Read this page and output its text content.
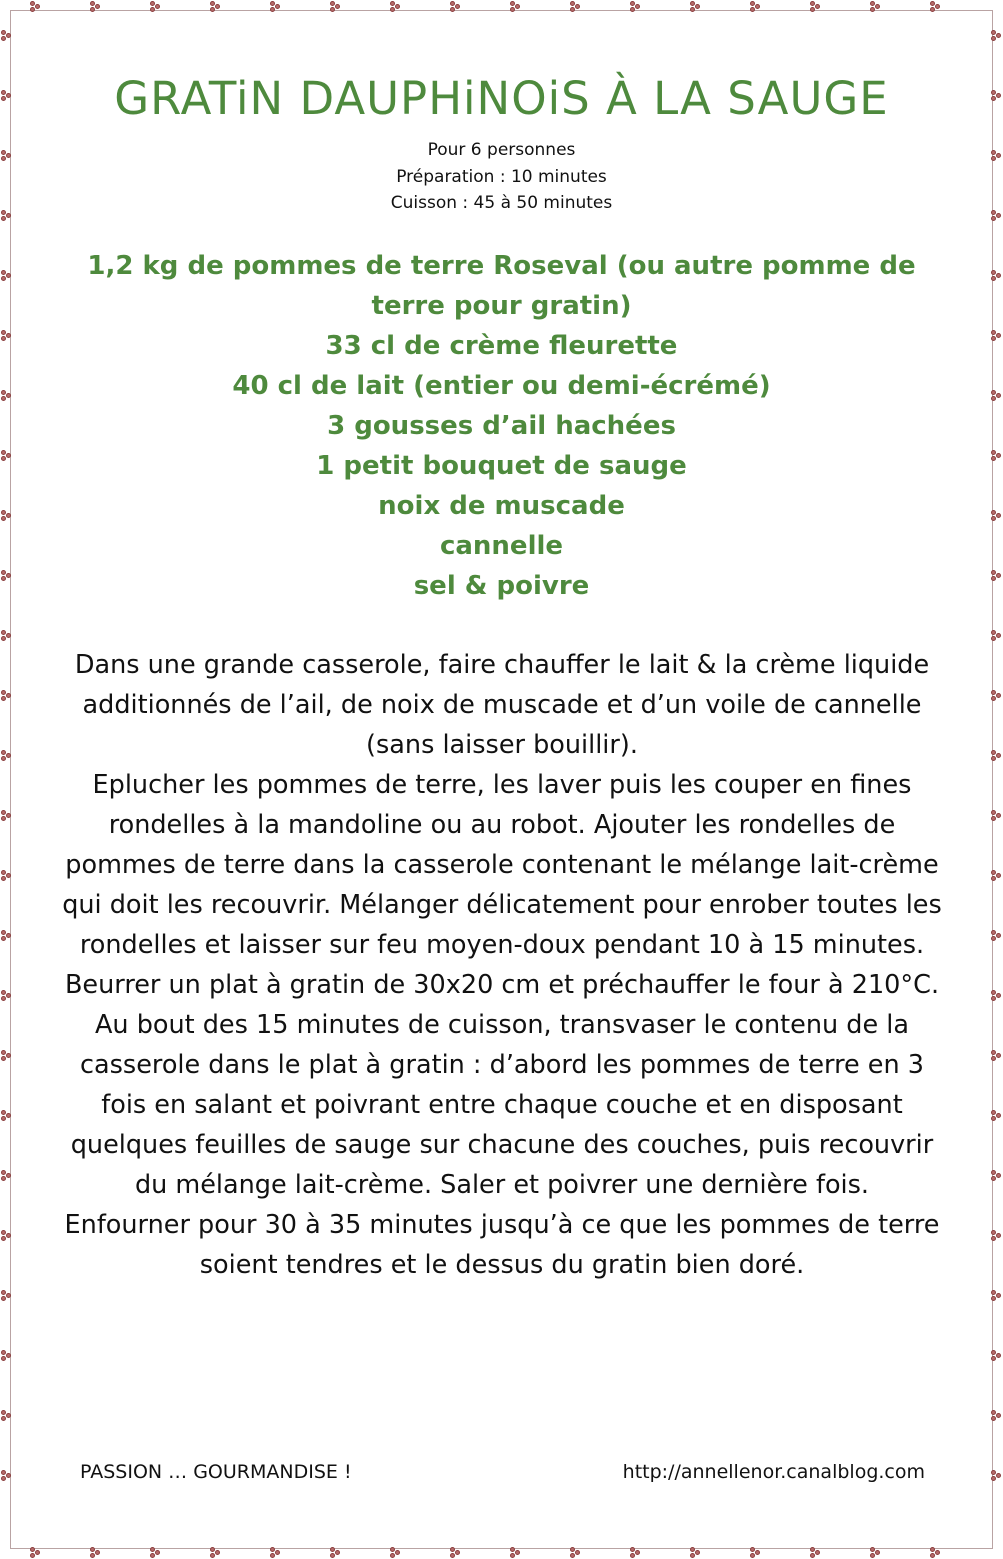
GRATiN DAUPHiNOiS À LA SAUGE
Pour 6 personnes
Préparation : 10 minutes
Cuisson : 45 à 50 minutes
1,2 kg de pommes de terre Roseval (ou autre pomme de terre pour gratin)
33 cl de crème fleurette
40 cl de lait (entier ou demi-écrémé)
3 gousses d’ail hachées
1 petit bouquet de sauge
noix de muscade
cannelle
sel & poivre

Dans une grande casserole, faire chauffer le lait & la crème liquide additionnés de l’ail, de noix de muscade et d’un voile de cannelle (sans laisser bouillir).

Eplucher les pommes de terre, les laver puis les couper en fines rondelles à la mandoline ou au robot. Ajouter les rondelles de pommes de terre dans la casserole contenant le mélange lait-crème qui doit les recouvrir. Mélanger délicatement pour enrober toutes les rondelles et laisser sur feu moyen-doux pendant 10 à 15 minutes.

Beurrer un plat à gratin de 30x20 cm et préchauffer le four à 210°C.

Au bout des 15 minutes de cuisson, transvaser le contenu de la casserole dans le plat à gratin : d’abord les pommes de terre en 3 fois en salant et poivrant entre chaque couche et en disposant quelques feuilles de sauge sur chacune des couches, puis recouvrir du mélange lait-crème. Saler et poivrer une dernière fois.

Enfourner pour 30 à 35 minutes jusqu’à ce que les pommes de terre soient tendres et le dessus du gratin bien doré.

PASSION … GOURMANDISE !	http://annellenor.canalblog.com
